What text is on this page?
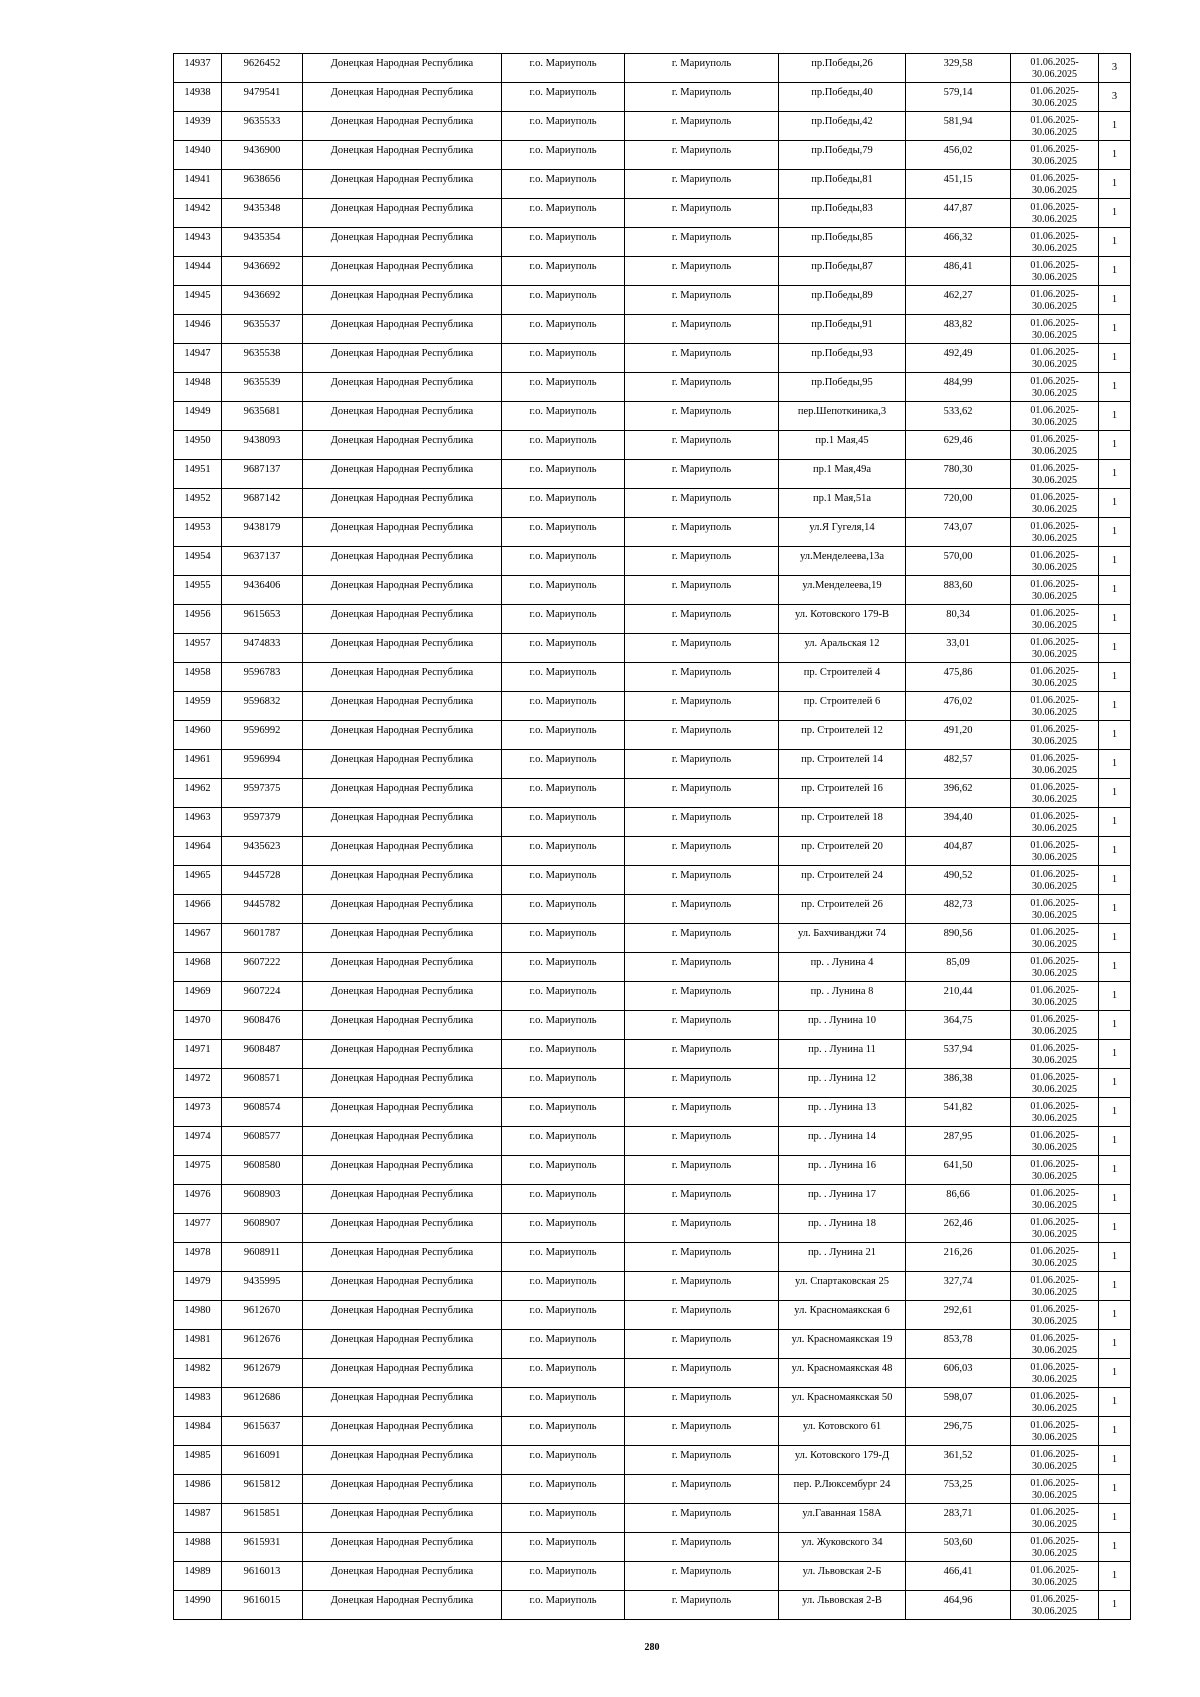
14937	9626452	Донецкая Народная Республика	г.о. Мариуполь	г. Мариуполь	пр.Победы,26	329,58	01.06.2025-
30.06.2025	3
14938	9479541	Донецкая Народная Республика	г.о. Мариуполь	г. Мариуполь	пр.Победы,40	579,14	01.06.2025-
30.06.2025	3
14939	9635533	Донецкая Народная Республика	г.о. Мариуполь	г. Мариуполь	пр.Победы,42	581,94	01.06.2025-
30.06.2025	1
14940	9436900	Донецкая Народная Республика	г.о. Мариуполь	г. Мариуполь	пр.Победы,79	456,02	01.06.2025-
30.06.2025	1
14941	9638656	Донецкая Народная Республика	г.о. Мариуполь	г. Мариуполь	пр.Победы,81	451,15	01.06.2025-
30.06.2025	1
14942	9435348	Донецкая Народная Республика	г.о. Мариуполь	г. Мариуполь	пр.Победы,83	447,87	01.06.2025-
30.06.2025	1
14943	9435354	Донецкая Народная Республика	г.о. Мариуполь	г. Мариуполь	пр.Победы,85	466,32	01.06.2025-
30.06.2025	1
14944	9436692	Донецкая Народная Республика	г.о. Мариуполь	г. Мариуполь	пр.Победы,87	486,41	01.06.2025-
30.06.2025	1
14945	9436692	Донецкая Народная Республика	г.о. Мариуполь	г. Мариуполь	пр.Победы,89	462,27	01.06.2025-
30.06.2025	1
14946	9635537	Донецкая Народная Республика	г.о. Мариуполь	г. Мариуполь	пр.Победы,91	483,82	01.06.2025-
30.06.2025	1
14947	9635538	Донецкая Народная Республика	г.о. Мариуполь	г. Мариуполь	пр.Победы,93	492,49	01.06.2025-
30.06.2025	1
14948	9635539	Донецкая Народная Республика	г.о. Мариуполь	г. Мариуполь	пр.Победы,95	484,99	01.06.2025-
30.06.2025	1
14949	9635681	Донецкая Народная Республика	г.о. Мариуполь	г. Мариуполь	пер.Шепоткиника,3	533,62	01.06.2025-
30.06.2025	1
14950	9438093	Донецкая Народная Республика	г.о. Мариуполь	г. Мариуполь	пр.1 Мая,45	629,46	01.06.2025-
30.06.2025	1
14951	9687137	Донецкая Народная Республика	г.о. Мариуполь	г. Мариуполь	пр.1 Мая,49а	780,30	01.06.2025-
30.06.2025	1
14952	9687142	Донецкая Народная Республика	г.о. Мариуполь	г. Мариуполь	пр.1 Мая,51а	720,00	01.06.2025-
30.06.2025	1
14953	9438179	Донецкая Народная Республика	г.о. Мариуполь	г. Мариуполь	ул.Я Гугеля,14	743,07	01.06.2025-
30.06.2025	1
14954	9637137	Донецкая Народная Республика	г.о. Мариуполь	г. Мариуполь	ул.Менделеева,13а	570,00	01.06.2025-
30.06.2025	1
14955	9436406	Донецкая Народная Республика	г.о. Мариуполь	г. Мариуполь	ул.Менделеева,19	883,60	01.06.2025-
30.06.2025	1
14956	9615653	Донецкая Народная Республика	г.о. Мариуполь	г. Мариуполь	ул. Котовского 179-В	80,34	01.06.2025-
30.06.2025	1
14957	9474833	Донецкая Народная Республика	г.о. Мариуполь	г. Мариуполь	ул. Аральская 12	33,01	01.06.2025-
30.06.2025	1
14958	9596783	Донецкая Народная Республика	г.о. Мариуполь	г. Мариуполь	пр. Строителей 4	475,86	01.06.2025-
30.06.2025	1
14959	9596832	Донецкая Народная Республика	г.о. Мариуполь	г. Мариуполь	пр. Строителей 6	476,02	01.06.2025-
30.06.2025	1
14960	9596992	Донецкая Народная Республика	г.о. Мариуполь	г. Мариуполь	пр. Строителей 12	491,20	01.06.2025-
30.06.2025	1
14961	9596994	Донецкая Народная Республика	г.о. Мариуполь	г. Мариуполь	пр. Строителей 14	482,57	01.06.2025-
30.06.2025	1
14962	9597375	Донецкая Народная Республика	г.о. Мариуполь	г. Мариуполь	пр. Строителей 16	396,62	01.06.2025-
30.06.2025	1
14963	9597379	Донецкая Народная Республика	г.о. Мариуполь	г. Мариуполь	пр. Строителей 18	394,40	01.06.2025-
30.06.2025	1
14964	9435623	Донецкая Народная Республика	г.о. Мариуполь	г. Мариуполь	пр. Строителей 20	404,87	01.06.2025-
30.06.2025	1
14965	9445728	Донецкая Народная Республика	г.о. Мариуполь	г. Мариуполь	пр. Строителей 24	490,52	01.06.2025-
30.06.2025	1
14966	9445782	Донецкая Народная Республика	г.о. Мариуполь	г. Мариуполь	пр. Строителей 26	482,73	01.06.2025-
30.06.2025	1
14967	9601787	Донецкая Народная Республика	г.о. Мариуполь	г. Мариуполь	ул. Бахчиванджи 74	890,56	01.06.2025-
30.06.2025	1
14968	9607222	Донецкая Народная Республика	г.о. Мариуполь	г. Мариуполь	пр. . Лунина 4	85,09	01.06.2025-
30.06.2025	1
14969	9607224	Донецкая Народная Республика	г.о. Мариуполь	г. Мариуполь	пр. . Лунина 8	210,44	01.06.2025-
30.06.2025	1
14970	9608476	Донецкая Народная Республика	г.о. Мариуполь	г. Мариуполь	пр. . Лунина 10	364,75	01.06.2025-
30.06.2025	1
14971	9608487	Донецкая Народная Республика	г.о. Мариуполь	г. Мариуполь	пр. . Лунина 11	537,94	01.06.2025-
30.06.2025	1
14972	9608571	Донецкая Народная Республика	г.о. Мариуполь	г. Мариуполь	пр. . Лунина 12	386,38	01.06.2025-
30.06.2025	1
14973	9608574	Донецкая Народная Республика	г.о. Мариуполь	г. Мариуполь	пр. . Лунина 13	541,82	01.06.2025-
30.06.2025	1
14974	9608577	Донецкая Народная Республика	г.о. Мариуполь	г. Мариуполь	пр. . Лунина 14	287,95	01.06.2025-
30.06.2025	1
14975	9608580	Донецкая Народная Республика	г.о. Мариуполь	г. Мариуполь	пр. . Лунина 16	641,50	01.06.2025-
30.06.2025	1
14976	9608903	Донецкая Народная Республика	г.о. Мариуполь	г. Мариуполь	пр. . Лунина 17	86,66	01.06.2025-
30.06.2025	1
14977	9608907	Донецкая Народная Республика	г.о. Мариуполь	г. Мариуполь	пр. . Лунина 18	262,46	01.06.2025-
30.06.2025	1
14978	9608911	Донецкая Народная Республика	г.о. Мариуполь	г. Мариуполь	пр. . Лунина 21	216,26	01.06.2025-
30.06.2025	1
14979	9435995	Донецкая Народная Республика	г.о. Мариуполь	г. Мариуполь	ул. Спартаковская 25	327,74	01.06.2025-
30.06.2025	1
14980	9612670	Донецкая Народная Республика	г.о. Мариуполь	г. Мариуполь	ул. Красномаякская 6	292,61	01.06.2025-
30.06.2025	1
14981	9612676	Донецкая Народная Республика	г.о. Мариуполь	г. Мариуполь	ул. Красномаякская 19	853,78	01.06.2025-
30.06.2025	1
14982	9612679	Донецкая Народная Республика	г.о. Мариуполь	г. Мариуполь	ул. Красномаякская 48	606,03	01.06.2025-
30.06.2025	1
14983	9612686	Донецкая Народная Республика	г.о. Мариуполь	г. Мариуполь	ул. Красномаякская 50	598,07	01.06.2025-
30.06.2025	1
14984	9615637	Донецкая Народная Республика	г.о. Мариуполь	г. Мариуполь	ул. Котовского 61	296,75	01.06.2025-
30.06.2025	1
14985	9616091	Донецкая Народная Республика	г.о. Мариуполь	г. Мариуполь	ул. Котовского 179-Д	361,52	01.06.2025-
30.06.2025	1
14986	9615812	Донецкая Народная Республика	г.о. Мариуполь	г. Мариуполь	пер. Р.Люксембург 24	753,25	01.06.2025-
30.06.2025	1
14987	9615851	Донецкая Народная Республика	г.о. Мариуполь	г. Мариуполь	ул.Гаванная 158А	283,71	01.06.2025-
30.06.2025	1
14988	9615931	Донецкая Народная Республика	г.о. Мариуполь	г. Мариуполь	ул. Жуковского 34	503,60	01.06.2025-
30.06.2025	1
14989	9616013	Донецкая Народная Республика	г.о. Мариуполь	г. Мариуполь	ул. Львовская 2-Б	466,41	01.06.2025-
30.06.2025	1
14990	9616015	Донецкая Народная Республика	г.о. Мариуполь	г. Мариуполь	ул. Львовская 2-В	464,96	01.06.2025-
30.06.2025	1
280
